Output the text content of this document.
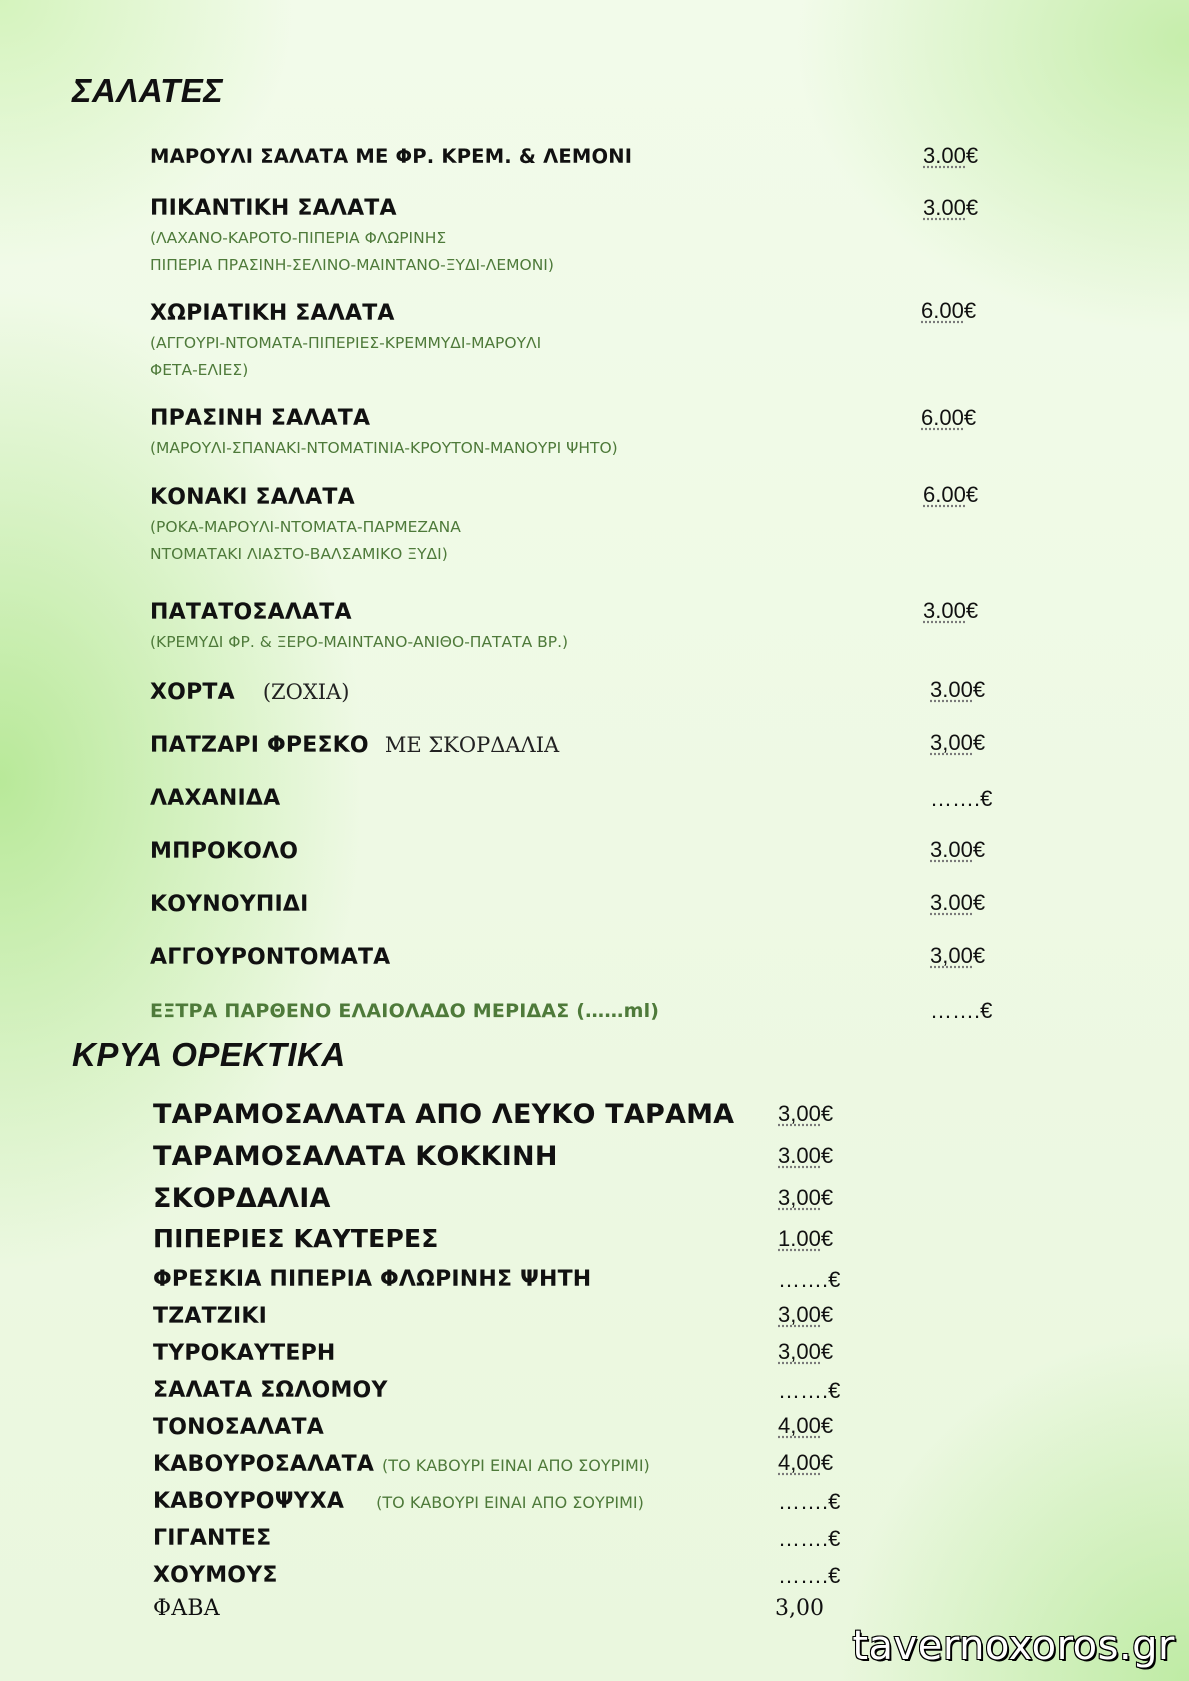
ΣΑΛΑΤΕΣ
ΜΑΡΟΥΛΙ ΣΑΛΑΤΑ ΜΕ ΦΡ. ΚΡΕΜ. & ΛΕΜΟΝΙ	3.00€
ΠΙΚΑΝΤΙΚΗ ΣΑΛΑΤΑ	3.00€
(ΛΑΧΑΝΟ-ΚΑΡΟΤΟ-ΠΙΠΕΡΙΑ ΦΛΩΡΙΝΗΣ
ΠΙΠΕΡΙΑ ΠΡΑΣΙΝΗ-ΣΕΛΙΝΟ-ΜΑΙΝΤΑΝΟ-ΞΥΔΙ-ΛΕΜΟΝΙ)
ΧΩΡΙΑΤΙΚΗ ΣΑΛΑΤΑ	6.00€
(ΑΓΓΟΥΡΙ-ΝΤΟΜΑΤΑ-ΠΙΠΕΡΙΕΣ-ΚΡΕΜΜΥΔΙ-ΜΑΡΟΥΛΙ
ΦΕΤΑ-ΕΛΙΕΣ)
ΠΡΑΣΙΝΗ ΣΑΛΑΤΑ	6.00€
(ΜΑΡΟΥΛΙ-ΣΠΑΝΑΚΙ-ΝΤΟΜΑΤΙΝΙΑ-ΚΡΟΥΤΟΝ-ΜΑΝΟΥΡΙ ΨΗΤΟ)
ΚΟΝΑΚΙ ΣΑΛΑΤΑ	6.00€
(ΡΟΚΑ-ΜΑΡΟΥΛΙ-ΝΤΟΜΑΤΑ-ΠΑΡΜΕΖΑΝΑ
ΝΤΟΜΑΤΑΚΙ ΛΙΑΣΤΟ-ΒΑΛΣΑΜΙΚΟ ΞΥΔΙ)
ΠΑΤΑΤΟΣΑΛΑΤΑ	3.00€
(ΚΡΕΜΥΔΙ ΦΡ. & ΞΕΡΟ-ΜΑΙΝΤΑΝΟ-ΑΝΙΘΟ-ΠΑΤΑΤΑ ΒΡ.)
ΧΟΡΤΑ (ΖΟΧΙΑ)	3.00€
ΠΑΤΖΑΡΙ ΦΡΕΣΚΟ ΜΕ ΣΚΟΡΔΑΛΙΑ	3,00€
ΛΑΧΑΝΙΔΑ	…….€
ΜΠΡΟΚΟΛΟ	3.00€
ΚΟΥΝΟΥΠΙΔΙ	3.00€
ΑΓΓΟΥΡΟΝΤΟΜΑΤΑ	3,00€
ΕΞΤΡΑ ΠΑΡΘΕΝΟ ΕΛΑΙΟΛΑΔΟ ΜΕΡΙΔΑΣ (……ml)	…….€
ΚΡΥΑ ΟΡΕΚΤΙΚΑ
ΤΑΡΑΜΟΣΑΛΑΤΑ ΑΠΟ ΛΕΥΚΟ ΤΑΡΑΜΑ 3,00€
ΤΑΡΑΜΟΣΑΛΑΤΑ ΚΟΚΚΙΝΗ	3.00€
ΣΚΟΡΔΑΛΙΑ	3,00€
ΠΙΠΕΡΙΕΣ ΚΑΥΤΕΡΕΣ	1.00€
ΦΡΕΣΚΙΑ ΠΙΠΕΡΙΑ ΦΛΩΡΙΝΗΣ ΨΗΤΗ	…….€
ΤΖΑΤΖΙΚΙ	3,00€
ΤΥΡΟΚΑΥΤΕΡΗ	3,00€
ΣΑΛΑΤΑ ΣΩΛΟΜΟΥ	…….€
ΤΟΝΟΣΑΛΑΤΑ	4,00€
ΚΑΒΟΥΡΟΣΑΛΑΤΑ (ΤΟ ΚΑΒΟΥΡΙ ΕΙΝΑΙ ΑΠΟ ΣΟΥΡΙΜΙ)	4,00€
ΚΑΒΟΥΡΟΨΥΧΑ (ΤΟ ΚΑΒΟΥΡΙ ΕΙΝΑΙ ΑΠΟ ΣΟΥΡΙΜΙ)	…….€
ΓΙΓΑΝΤΕΣ	…….€
ΧΟΥΜΟΥΣ	…….€
ΦΑΒΑ	3,00
tavernoxoros.gr
